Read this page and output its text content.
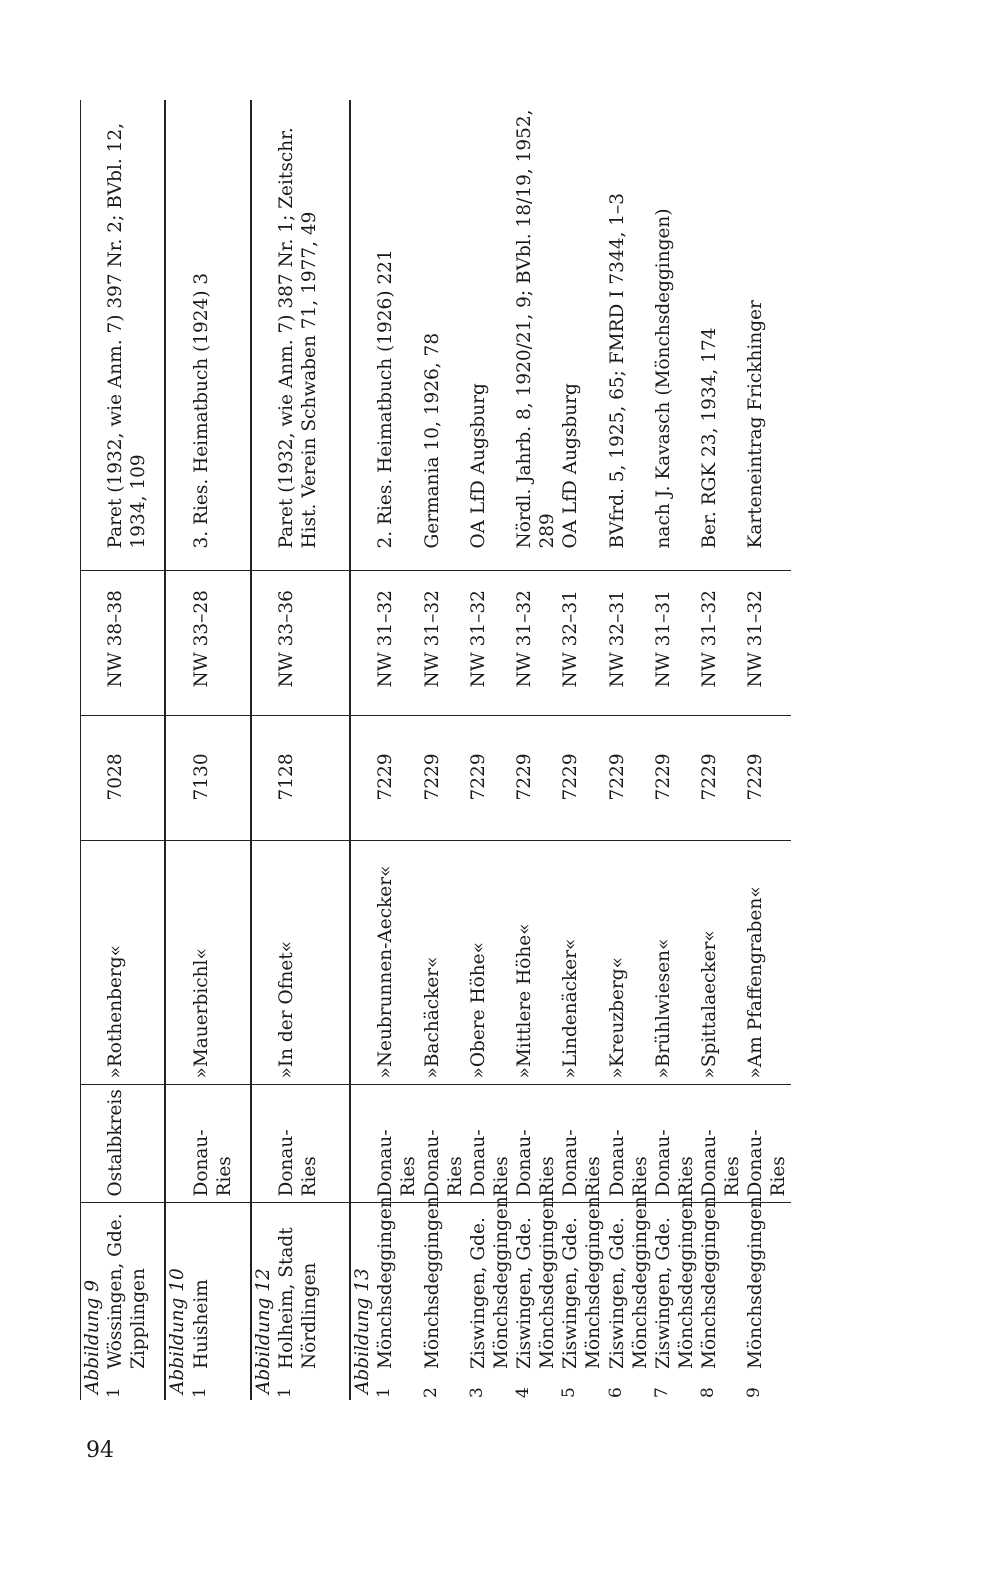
94
Abbildung 9						
1	Wössingen, Gde. Zipplingen	Ostalbkreis	»Rothenberg«	7028	NW 38–38	Paret (1932, wie Anm. 7) 397 Nr. 2; BVbl. 12, 1934, 109

Abbildung 10						
1	Huisheim	Donau-Ries	»Mauerbichl«	7130	NW 33–28	3. Ries. Heimatbuch (1924) 3

Abbildung 12						
1	Holheim, Stadt Nördlingen	Donau-Ries	»In der Ofnet«	7128	NW 33–36	Paret (1932, wie Anm. 7) 387 Nr. 1; Zeitschr. Hist. Verein Schwaben 71, 1977, 49

Abbildung 13						
1	Mönchsdeggingen	Donau-Ries	»Neubrunnen-Aecker«	7229	NW 31–32	2. Ries. Heimatbuch (1926) 221
2	Mönchsdeggingen	Donau-Ries	»Bachäcker«	7229	NW 31–32	Germania 10, 1926, 78
3	Ziswingen, Gde. Mönchsdeggingen	Donau-Ries	»Obere Höhe«	7229	NW 31–32	OA LfD Augsburg
4	Ziswingen, Gde. Mönchsdeggingen	Donau-Ries	»Mittlere Höhe«	7229	NW 31–32	Nördl. Jahrb. 8, 1920/21, 9; BVbl. 18/19, 1952, 289
5	Ziswingen, Gde. Mönchsdeggingen	Donau-Ries	»Lindenäcker«	7229	NW 32–31	OA LfD Augsburg
6	Ziswingen, Gde. Mönchsdeggingen	Donau-Ries	»Kreuzberg«	7229	NW 32–31	BVfrd. 5, 1925, 65; FMRD I 7344, 1–3
7	Ziswingen, Gde. Mönchsdeggingen	Donau-Ries	»Brühlwiesen«	7229	NW 31–31	nach J. Kavasch (Mönchsdeggingen)
8	Mönchsdeggingen	Donau-Ries	»Spittalaecker«	7229	NW 31–32	Ber. RGK 23, 1934, 174
9	Mönchsdeggingen	Donau-Ries	»Am Pfaffengraben«	7229	NW 31–32	Karteneintrag Frickhinger
